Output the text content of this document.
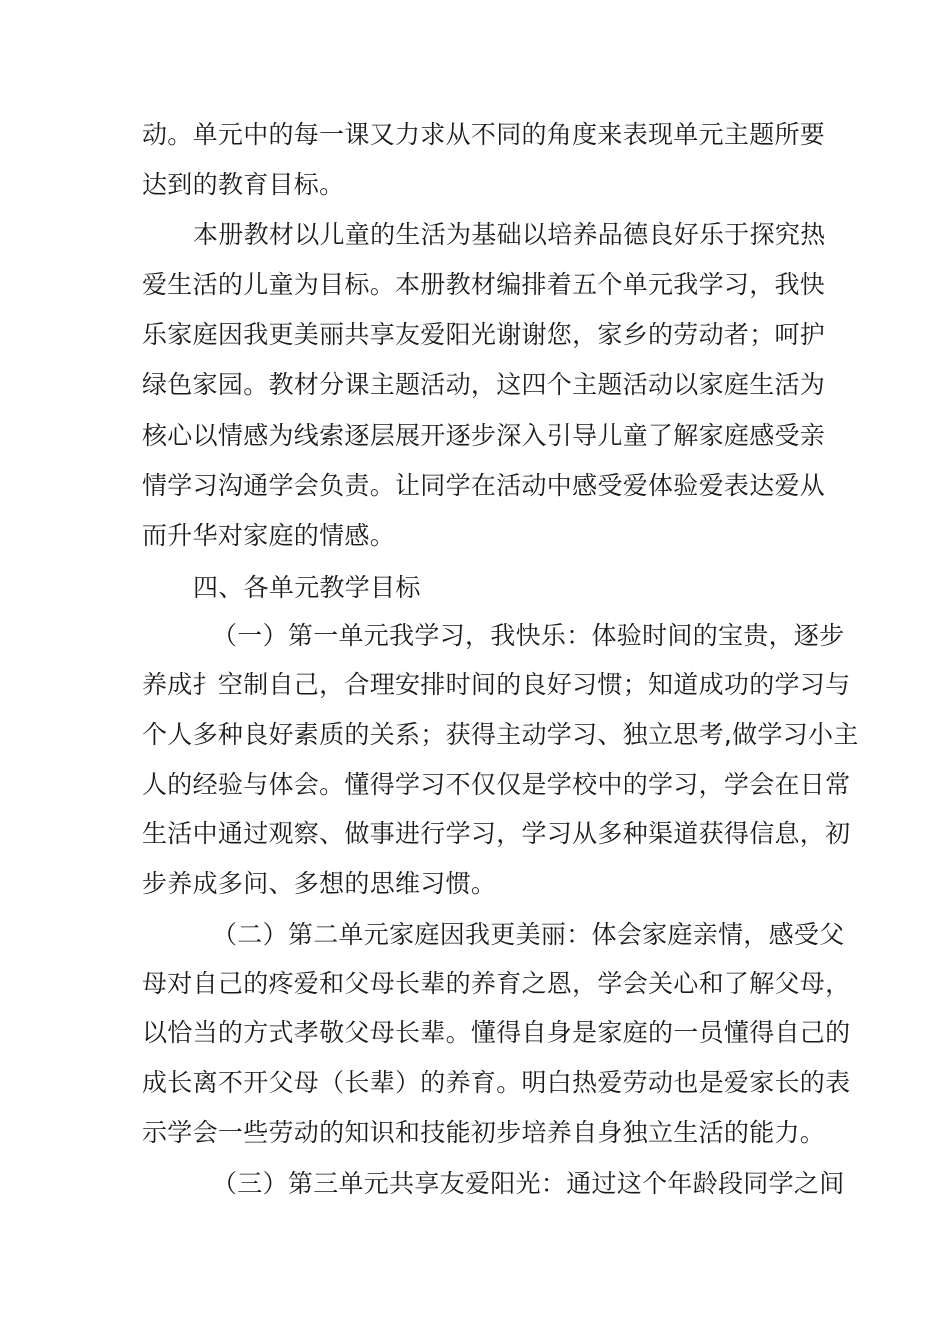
动。单元中的每一课又力求从不同的角度来表现单元主题所要
达到的教育目标。
本册教材以儿童的生活为基础以培养品德良好乐于探究热
爱生活的儿童为目标。本册教材编排着五个单元我学习，我快
乐家庭因我更美丽共享友爱阳光谢谢您，家乡的劳动者；呵护
绿色家园。教材分课主题活动，这四个主题活动以家庭生活为
核心以情感为线索逐层展开逐步深入引导儿童了解家庭感受亲
情学习沟通学会负责。让同学在活动中感受爱体验爱表达爱从
而升华对家庭的情感。
四、各单元教学目标
（一）第一单元我学习，我快乐：体验时间的宝贵，逐步
养成扌空制自己，合理安排时间的良好习惯；知道成功的学习与
个人多种良好素质的关系；获得主动学习、独立思考,做学习小主
人的经验与体会。懂得学习不仅仅是学校中的学习，学会在日常
生活中通过观察、做事进行学习，学习从多种渠道获得信息，初
步养成多问、多想的思维习惯。
（二）第二单元家庭因我更美丽：体会家庭亲情，感受父
母对自己的疼爱和父母长辈的养育之恩，学会关心和了解父母，
以恰当的方式孝敬父母长辈。懂得自身是家庭的一员懂得自己的
成长离不开父母（长辈）的养育。明白热爱劳动也是爱家长的表
示学会一些劳动的知识和技能初步培养自身独立生活的能力。
（三）第三单元共享友爱阳光：通过这个年龄段同学之间
